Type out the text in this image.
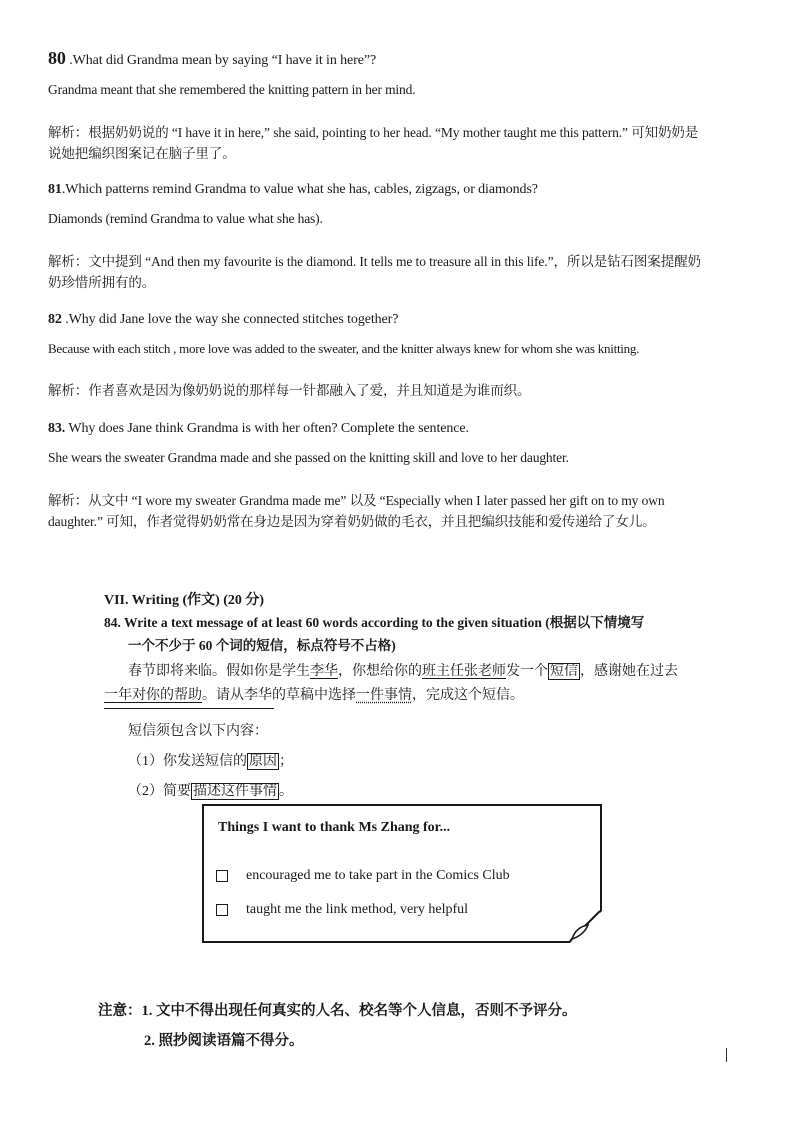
80 .What did Grandma mean by saying “I have it in here”?
Grandma meant that she remembered the knitting pattern in her mind.
解析：根据奶奶说的 “I have it in here,” she said, pointing to her head. “My mother taught me this pattern.” 可知奶奶是
说她把编织图案记在脑子里了。
81.Which patterns remind Grandma to value what she has, cables, zigzags, or diamonds?
Diamonds (remind Grandma to value what she has).
解析：文中提到 “And then my favourite is the diamond. It tells me to treasure all in this life.”，所以是钻石图案提醒奶
奶珍惜所拥有的。
82 .Why did Jane love the way she connected stitches together?
Because with each stitch , more love was added to the sweater, and the knitter always knew for whom she was knitting.
解析：作者喜欢是因为像奶奶说的那样每一针都融入了爱，并且知道是为谁而织。
83. Why does Jane think Grandma is with her often? Complete the sentence.
She wears the sweater Grandma made and she passed on the knitting skill and love to her daughter.
解析：从文中 “I wore my sweater Grandma made me” 以及 “Especially when I later passed her gift on to my own
daughter.” 可知，作者觉得奶奶常在身边是因为穿着奶奶做的毛衣，并且把编织技能和爱传递给了女儿。
VII. Writing (作文) (20 分)
84. Write a text message of at least 60 words according to the given situation (根据以下情境写
一个不少于 60 个词的短信，标点符号不占格)
春节即将来临。假如你是学生李华，你想给你的班主任张老师发一个 短信 ，感谢她在过去
一年对你的帮助。请从李华的草稿中选择一件事情，完成这个短信。
短信须包含以下内容：
（1）你发送短信的 原因 ；
（2）简要 描述这件事情 。
Things I want to thank Ms Zhang for...
encouraged me to take part in the Comics Club
taught me the link method, very helpful
注意：1. 文中不得出现任何真实的人名、校名等个人信息，否则不予评分。
2. 照抄阅读语篇不得分。
